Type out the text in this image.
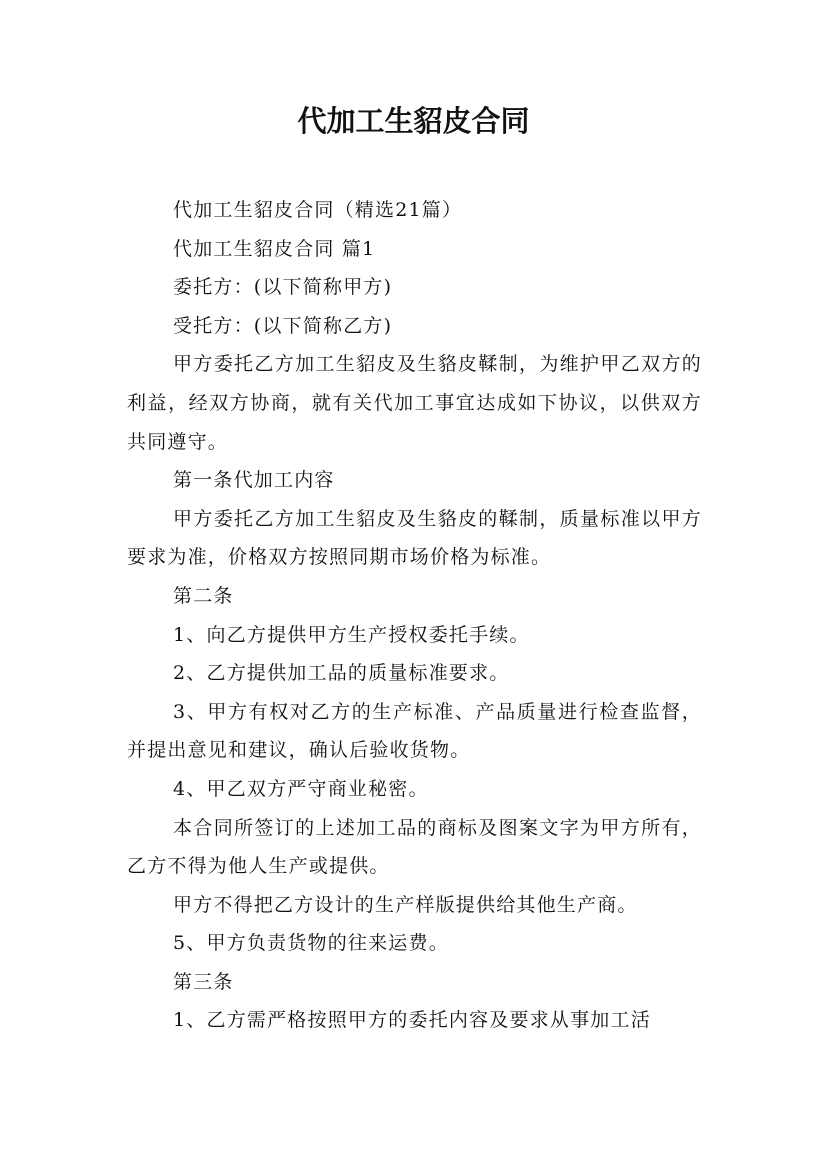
代加工生貂皮合同

代加工生貂皮合同（精选21篇）

代加工生貂皮合同 篇1

委托方：(以下简称甲方)

受托方：(以下简称乙方)

甲方委托乙方加工生貂皮及生貉皮鞣制，为维护甲乙双方的利益，经双方协商，就有关代加工事宜达成如下协议，以供双方共同遵守。

第一条代加工内容

甲方委托乙方加工生貂皮及生貉皮的鞣制，质量标准以甲方要求为准，价格双方按照同期市场价格为标准。

第二条

1、向乙方提供甲方生产授权委托手续。

2、乙方提供加工品的质量标准要求。

3、甲方有权对乙方的生产标准、产品质量进行检查监督，并提出意见和建议，确认后验收货物。

4、甲乙双方严守商业秘密。

本合同所签订的上述加工品的商标及图案文字为甲方所有，乙方不得为他人生产或提供。

甲方不得把乙方设计的生产样版提供给其他生产商。

5、甲方负责货物的往来运费。

第三条

1、乙方需严格按照甲方的委托内容及要求从事加工活
